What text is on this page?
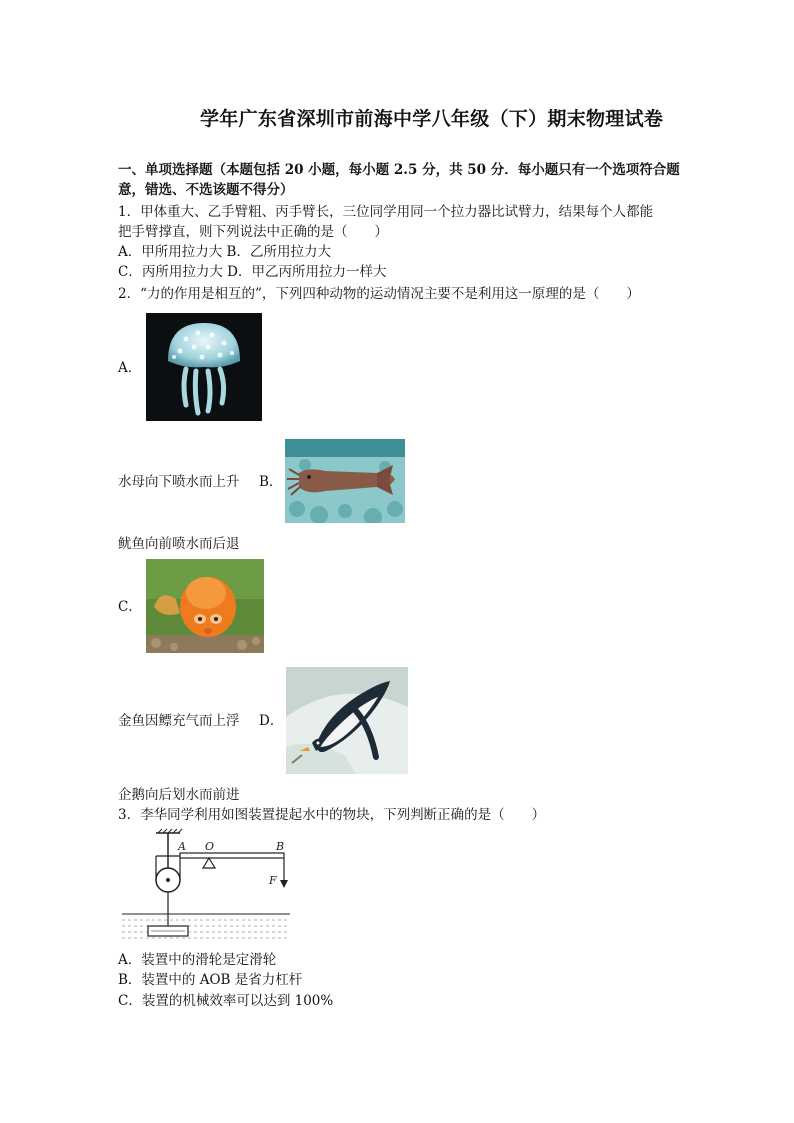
学年广东省深圳市前海中学八年级（下）期末物理试卷
一、单项选择题（本题包括 20 小题，每小题 2.5 分，共 50 分．每小题只有一个选项符合题
意，错选、不选该题不得分）
1．甲体重大、乙手臂粗、丙手臂长，三位同学用同一个拉力器比试臂力，结果每个人都能
把手臂撑直，则下列说法中正确的是（　　）
A．甲所用拉力大 B．乙所用拉力大
C．丙所用拉力大 D．甲乙丙所用拉力一样大
2．“力的作用是相互的”，下列四种动物的运动情况主要不是利用这一原理的是（　　）
A．
水母向下喷水而上升 B．
鱿鱼向前喷水而后退
C．
金鱼因鳔充气而上浮 D．
企鹅向后划水而前进
3．李华同学利用如图装置提起水中的物块，下列判断正确的是（　　）
A O	B
F
A．装置中的滑轮是定滑轮
B．装置中的 AOB 是省力杠杆
C．装置的机械效率可以达到 100%
